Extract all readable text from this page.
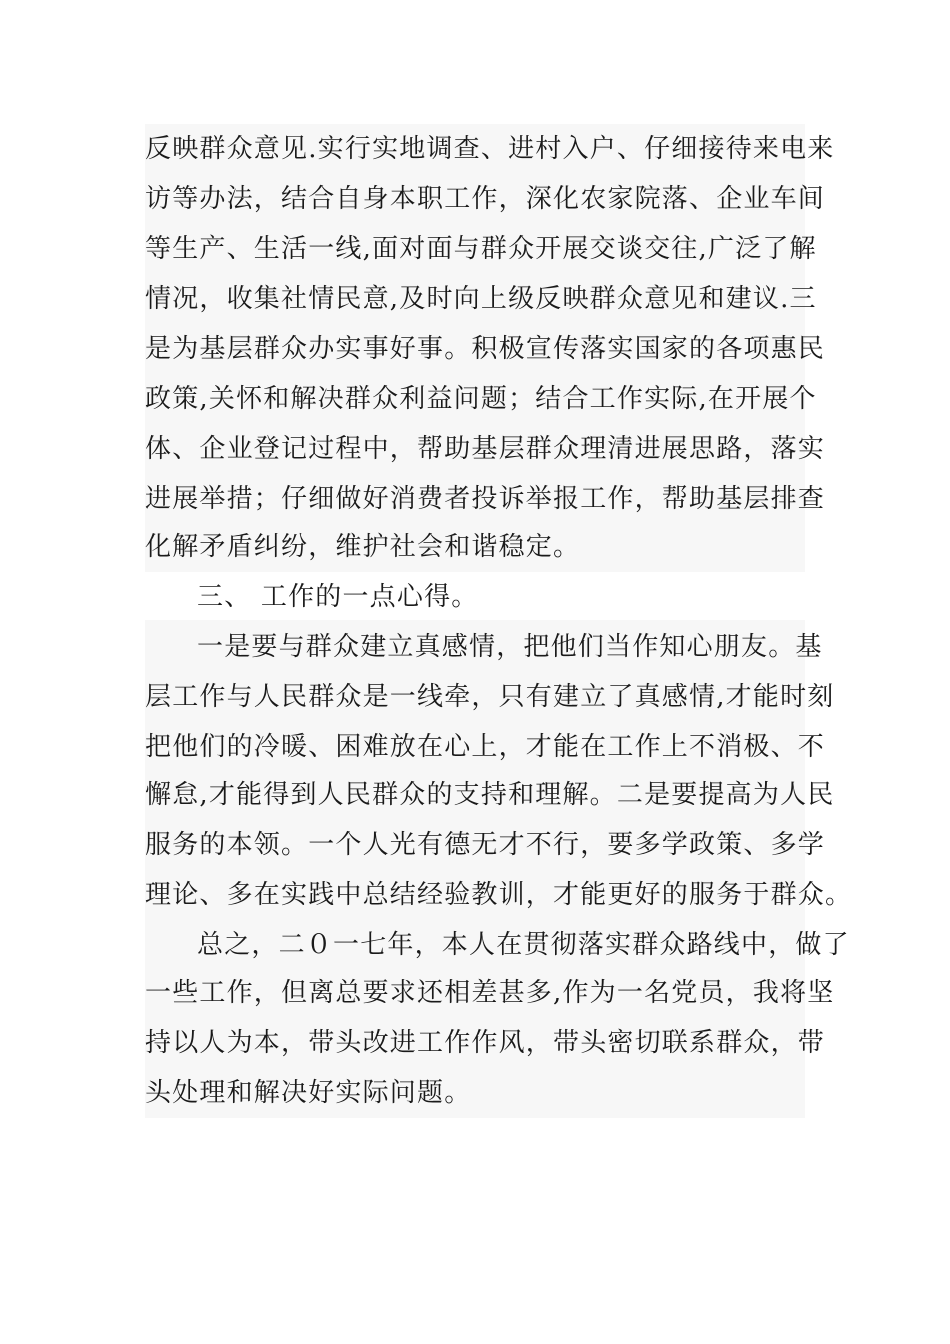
反映群众意见.实行实地调查、进村入户、仔细接待来电来
访等办法，结合自身本职工作，深化农家院落、企业车间
等生产、生活一线,面对面与群众开展交谈交往,广泛了解
情况，收集社情民意,及时向上级反映群众意见和建议.三
是为基层群众办实事好事。积极宣传落实国家的各项惠民
政策,关怀和解决群众利益问题；结合工作实际,在开展个
体、企业登记过程中，帮助基层群众理清进展思路，落实
进展举措；仔细做好消费者投诉举报工作，帮助基层排查
化解矛盾纠纷，维护社会和谐稳定。
三、 工作的一点心得。
一是要与群众建立真感情，把他们当作知心朋友。基
层工作与人民群众是一线牵，只有建立了真感情,才能时刻
把他们的冷暖、困难放在心上，才能在工作上不消极、不
懈怠,才能得到人民群众的支持和理解。二是要提高为人民
服务的本领。一个人光有德无才不行，要多学政策、多学
理论、多在实践中总结经验教训，才能更好的服务于群众。
总之，二０一七年，本人在贯彻落实群众路线中，做了
一些工作，但离总要求还相差甚多,作为一名党员，我将坚
持以人为本，带头改进工作作风，带头密切联系群众，带
头处理和解决好实际问题。
